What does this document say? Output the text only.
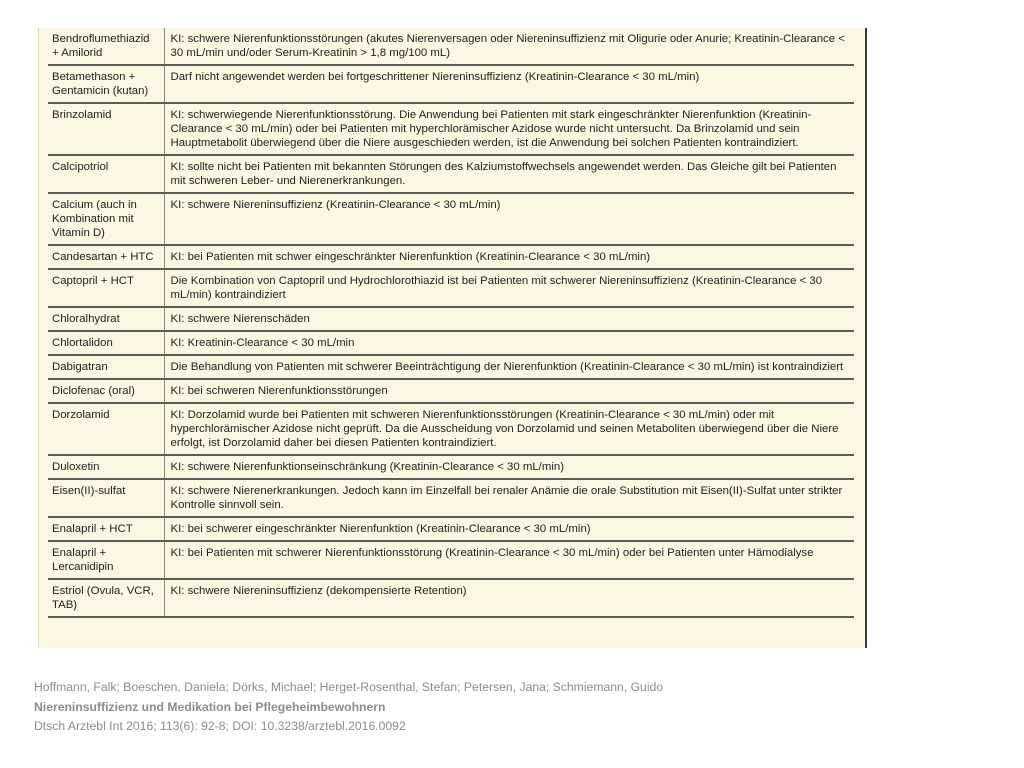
Bendroflumethiazid + Amilorid	KI: schwere Nierenfunktionsstörungen (akutes Nierenversagen oder Niereninsuffizienz mit Oligurie oder Anurie; Kreatinin-Clearance < 30 mL/min und/oder Serum-Kreatinin > 1,8 mg/100 mL)
Betamethason + Gentamicin (kutan)	Darf nicht angewendet werden bei fortgeschrittener Niereninsuffizienz (Kreatinin-Clearance < 30 mL/min)
Brinzolamid	KI: schwerwiegende Nierenfunktionsstörung. Die Anwendung bei Patienten mit stark eingeschränkter Nierenfunktion (Kreatinin-Clearance < 30 mL/min) oder bei Patienten mit hyperchlorämischer Azidose wurde nicht untersucht. Da Brinzolamid und sein Hauptmetabolit überwiegend über die Niere ausgeschieden werden, ist die Anwendung bei solchen Patienten kontraindiziert.
Calcipotriol	KI: sollte nicht bei Patienten mit bekannten Störungen des Kalziumstoffwechsels angewendet werden. Das Gleiche gilt bei Patienten mit schweren Leber- und Nierenerkrankungen.
Calcium (auch in Kombination mit Vitamin D)	KI: schwere Niereninsuffizienz (Kreatinin-Clearance < 30 mL/min)
Candesartan + HTC	KI: bei Patienten mit schwer eingeschränkter Nierenfunktion (Kreatinin-Clearance < 30 mL/min)
Captopril + HCT	Die Kombination von Captopril und Hydrochlorothiazid ist bei Patienten mit schwerer Niereninsuffizienz (Kreatinin-Clearance < 30 mL/min) kontraindiziert
Chloralhydrat	KI: schwere Nierenschäden
Chlortalidon	KI: Kreatinin-Clearance < 30 mL/min
Dabigatran	Die Behandlung von Patienten mit schwerer Beeinträchtigung der Nierenfunktion (Kreatinin-Clearance < 30 mL/min) ist kontraindiziert
Diclofenac (oral)	KI: bei schweren Nierenfunktionsstörungen
Dorzolamid	KI: Dorzolamid wurde bei Patienten mit schweren Nierenfunktionsstörungen (Kreatinin-Clearance < 30 mL/min) oder mit hyperchlorämischer Azidose nicht geprüft. Da die Ausscheidung von Dorzolamid und seinen Metaboliten überwiegend über die Niere erfolgt, ist Dorzolamid daher bei diesen Patienten kontraindiziert.
Duloxetin	KI: schwere Nierenfunktionseinschränkung (Kreatinin-Clearance < 30 mL/min)
Eisen(II)-sulfat	KI: schwere Nierenerkrankungen. Jedoch kann im Einzelfall bei renaler Anämie die orale Substitution mit Eisen(II)-Sulfat unter strikter Kontrolle sinnvoll sein.
Enalapril + HCT	KI: bei schwerer eingeschränkter Nierenfunktion (Kreatinin-Clearance < 30 mL/min)
Enalapril + Lercanidipin	KI: bei Patienten mit schwerer Nierenfunktionsstörung (Kreatinin-Clearance < 30 mL/min) oder bei Patienten unter Hämodialyse
Estriol (Ovula, VCR, TAB)	KI: schwere Niereninsuffizienz (dekompensierte Retention)
Hoffmann, Falk; Boeschen, Daniela; Dörks, Michael; Herget-Rosenthal, Stefan; Petersen, Jana; Schmiemann, Guido
Niereninsuffizienz und Medikation bei Pflegeheimbewohnern
Dtsch Arztebl Int 2016; 113(6): 92-8; DOI: 10.3238/arztebl.2016.0092
